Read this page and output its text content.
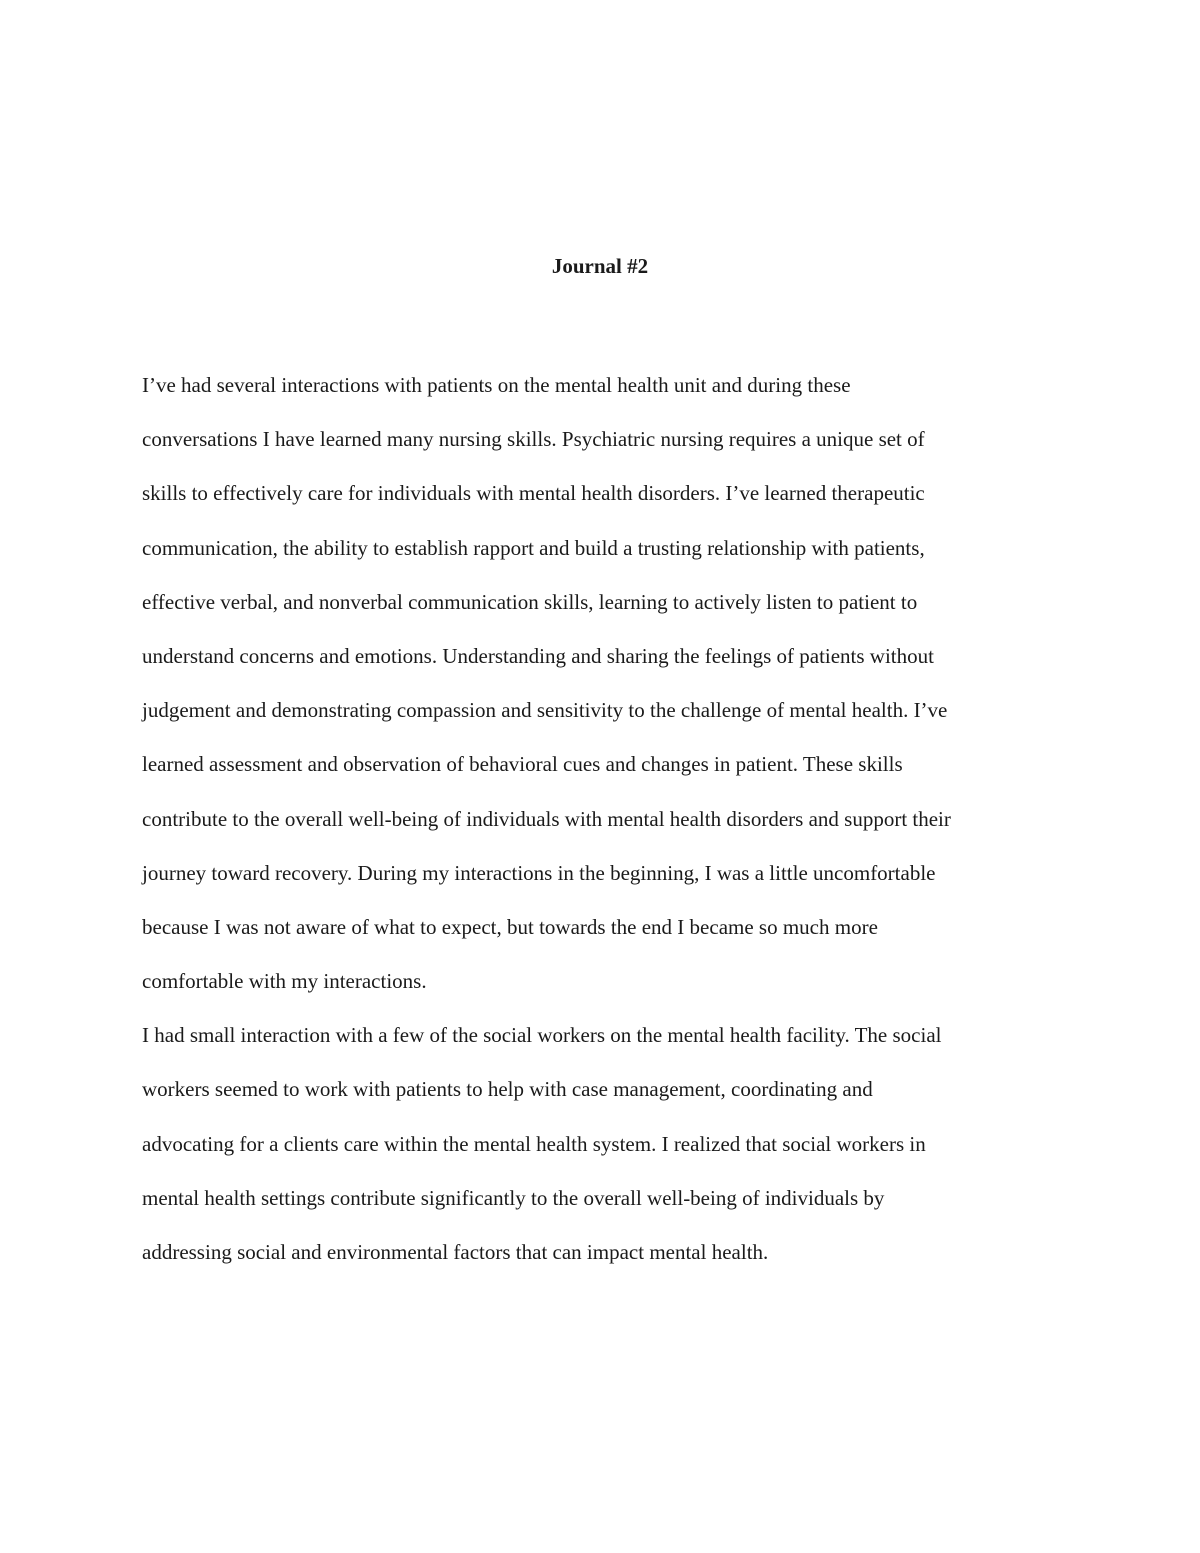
Journal #2
I’ve had several interactions with patients on the mental health unit and during these
conversations I have learned many nursing skills. Psychiatric nursing requires a unique set of
skills to effectively care for individuals with mental health disorders. I’ve learned therapeutic
communication, the ability to establish rapport and build a trusting relationship with patients,
effective verbal, and nonverbal communication skills, learning to actively listen to patient to
understand concerns and emotions. Understanding and sharing the feelings of patients without
judgement and demonstrating compassion and sensitivity to the challenge of mental health. I’ve
learned assessment and observation of behavioral cues and changes in patient. These skills
contribute to the overall well-being of individuals with mental health disorders and support their
journey toward recovery. During my interactions in the beginning, I was a little uncomfortable
because I was not aware of what to expect, but towards the end I became so much more
comfortable with my interactions.
I had small interaction with a few of the social workers on the mental health facility. The social
workers seemed to work with patients to help with case management, coordinating and
advocating for a clients care within the mental health system. I realized that social workers in
mental health settings contribute significantly to the overall well-being of individuals by
addressing social and environmental factors that can impact mental health.
